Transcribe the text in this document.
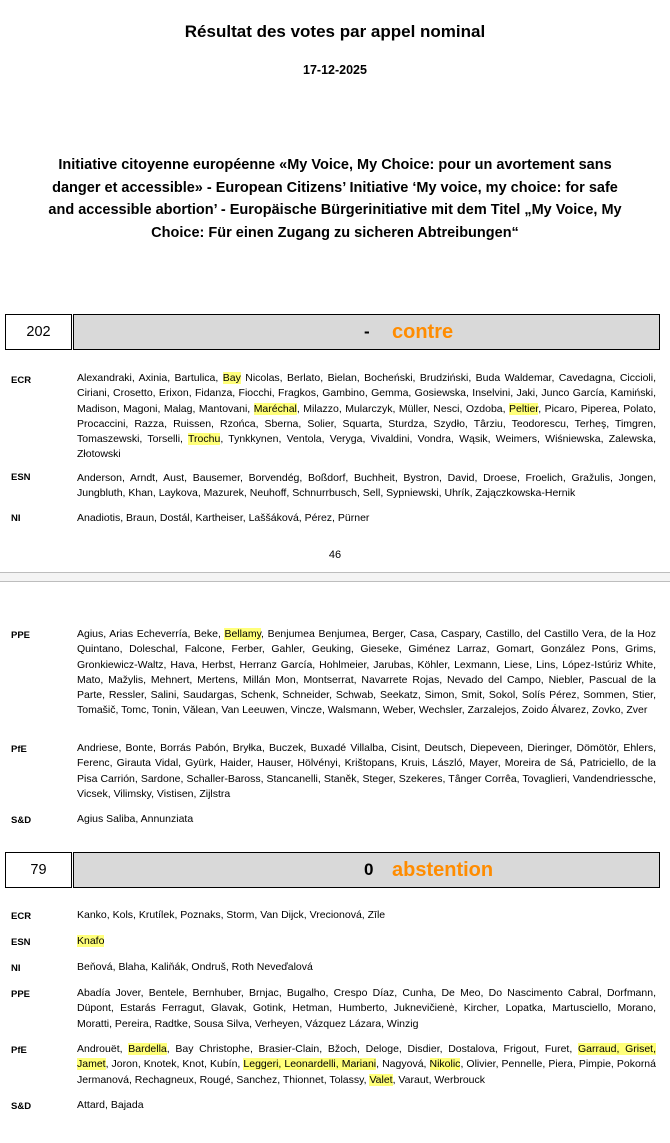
Résultat des votes par appel nominal
17-12-2025
Initiative citoyenne européenne «My Voice, My Choice: pour un avortement sans danger et accessible» - European Citizens’ Initiative ‘My voice, my choice: for safe and accessible abortion’ - Europäische Bürgerinitiative mit dem Titel „My Voice, My Choice: Für einen Zugang zu sicheren Abtreibungen“
202	- contre
ECR	Alexandraki, Axinia, Bartulica, Bay Nicolas, Berlato, Bielan, Bocheński, Brudziński, Buda Waldemar, Cavedagna, Ciccioli, Ciriani, Crosetto, Erixon, Fidanza, Fiocchi, Fragkos, Gambino, Gemma, Gosiewska, Inselvini, Jaki, Junco García, Kamiński, Madison, Magoni, Malag, Mantovani, Maréchal, Milazzo, Mularczyk, Müller, Nesci, Ozdoba, Peltier, Picaro, Piperea, Polato, Procaccini, Razza, Ruissen, Rzońca, Sberna, Solier, Squarta, Sturdza, Szydło, Târziu, Teodorescu, Terheş, Timgren, Tomaszewski, Torselli, Trochu, Tynkkynen, Ventola, Veryga, Vivaldini, Vondra, Wąsik, Weimers, Wiśniewska, Zalewska, Złotowski
ESN	Anderson, Arndt, Aust, Bausemer, Borvendég, Boßdorf, Buchheit, Bystron, David, Droese, Froelich, Gražulis, Jongen, Jungbluth, Khan, Laykova, Mazurek, Neuhoff, Schnurrbusch, Sell, Sypniewski, Uhrík, Zajączkowska-Hernik
NI	Anadiotis, Braun, Dostál, Kartheiser, Laššáková, Pérez, Pürner
46
PPE	Agius, Arias Echeverría, Beke, Bellamy, Benjumea Benjumea, Berger, Casa, Caspary, Castillo, del Castillo Vera, de la Hoz Quintano, Doleschal, Falcone, Ferber, Gahler, Geuking, Gieseke, Giménez Larraz, Gomart, González Pons, Grims, Gronkiewicz-Waltz, Hava, Herbst, Herranz García, Hohlmeier, Jarubas, Köhler, Lexmann, Liese, Lins, López-Istúriz White, Mato, Mažylis, Mehnert, Mertens, Millán Mon, Montserrat, Navarrete Rojas, Nevado del Campo, Niebler, Pascual de la Parte, Ressler, Salini, Saudargas, Schenk, Schneider, Schwab, Seekatz, Simon, Smit, Sokol, Solís Pérez, Sommen, Stier, Tomašič, Tomc, Tonin, Vălean, Van Leeuwen, Vincze, Walsmann, Weber, Wechsler, Zarzalejos, Zoido Álvarez, Zovko, Zver
PfE	Andriese, Bonte, Borrás Pabón, Bryłka, Buczek, Buxadé Villalba, Cisint, Deutsch, Diepeveen, Dieringer, Dömötör, Ehlers, Ferenc, Girauta Vidal, Gyürk, Haider, Hauser, Hölvényi, Krištopans, Kruis, László, Mayer, Moreira de Sá, Patriciello, de la Pisa Carrión, Sardone, Schaller-Baross, Stancanelli, Staněk, Steger, Szekeres, Tânger Corrêa, Tovaglieri, Vandendriessche, Vicsek, Vilimsky, Vistisen, Zijlstra
S&D	Agius Saliba, Annunziata
79	0 abstention
ECR	Kanko, Kols, Krutílek, Poznaks, Storm, Van Dijck, Vrecionová, Zīle
ESN	Knafo
NI	Beňová, Blaha, Kaliňák, Ondruš, Roth Neveďalová
PPE	Abadía Jover, Bentele, Bernhuber, Brnjac, Bugalho, Crespo Díaz, Cunha, De Meo, Do Nascimento Cabral, Dorfmann, Düpont, Estarás Ferragut, Glavak, Gotink, Hetman, Humberto, Juknevičienė, Kircher, Lopatka, Martusciello, Morano, Moratti, Pereira, Radtke, Sousa Silva, Verheyen, Vázquez Lázara, Winzig
PfE	Androuët, Bardella, Bay Christophe, Brasier-Clain, Bžoch, Deloge, Disdier, Dostalova, Frigout, Furet, Garraud, Griset, Jamet, Joron, Knotek, Knot, Kubín, Leggeri, Leonardelli, Mariani, Nagyová, Nikolic, Olivier, Pennelle, Piera, Pimpie, Pokorná Jermanová, Rechagneux, Rougé, Sanchez, Thionnet, Tolassy, Valet, Varaut, Werbrouck
S&D	Attard, Bajada
